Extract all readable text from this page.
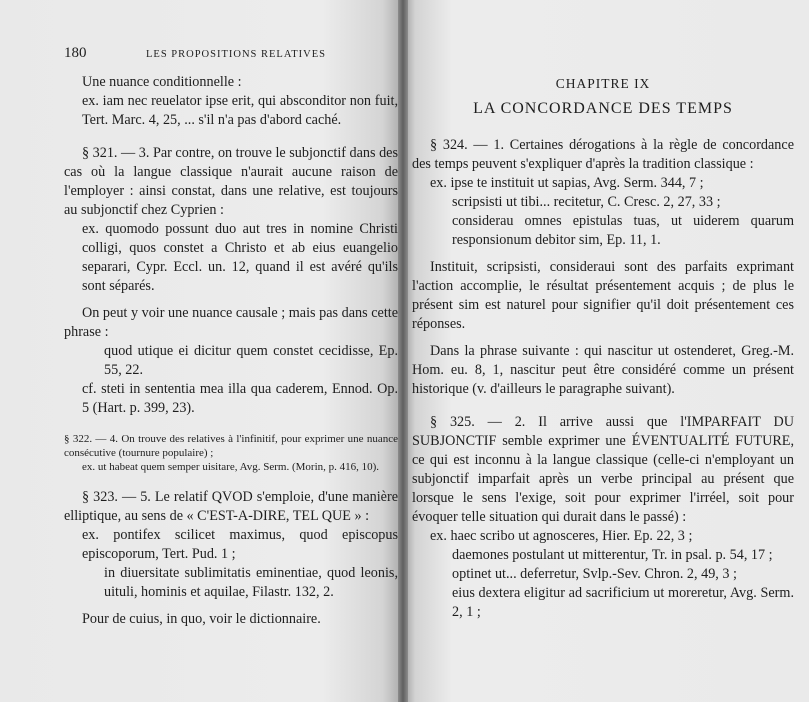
180	LES PROPOSITIONS RELATIVES

Une nuance conditionnelle :

ex. iam nec reuelator ipse erit, qui absconditor non fuit, Tert. Marc. 4, 25, ... s'il n'a pas d'abord caché.

§ 321. — 3. Par contre, on trouve le subjonctif dans des cas où la langue classique n'aurait aucune raison de l'employer : ainsi constat, dans une relative, est toujours au subjonctif chez Cyprien :

ex. quomodo possunt duo aut tres in nomine Christi colligi, quos constet a Christo et ab eius euangelio separari, Cypr. Eccl. un. 12, quand il est avéré qu'ils sont séparés.

On peut y voir une nuance causale ; mais pas dans cette phrase :

quod utique ei dicitur quem constet cecidisse, Ep. 55, 22.

cf. steti in sententia mea illa qua caderem, Ennod. Op. 5 (Hart. p. 399, 23).

§ 322. — 4. On trouve des relatives à l'infinitif, pour exprimer une nuance consécutive (tournure populaire) ;

ex. ut habeat quem semper uisitare, Avg. Serm. (Morin, p. 416, 10).

§ 323. — 5. Le relatif QVOD s'emploie, d'une manière elliptique, au sens de « C'EST-A-DIRE, TEL QUE » :

ex. pontifex scilicet maximus, quod episcopus episcoporum, Tert. Pud. 1 ;

in diuersitate sublimitatis eminentiae, quod leonis, uituli, hominis et aquilae, Filastr. 132, 2.

Pour de cuius, in quo, voir le dictionnaire.

CHAPITRE IX
LA CONCORDANCE DES TEMPS

§ 324. — 1. Certaines dérogations à la règle de concordance des temps peuvent s'expliquer d'après la tradition classique :

ex. ipse te instituit ut sapias, Avg. Serm. 344, 7 ;

scripsisti ut tibi... recitetur, C. Cresc. 2, 27, 33 ;

considerau omnes epistulas tuas, ut uiderem quarum responsionum debitor sim, Ep. 11, 1.

Instituit, scripsisti, consideraui sont des parfaits exprimant l'action accomplie, le résultat présentement acquis ; de plus le présent sim est naturel pour signifier qu'il doit présentement ces réponses.

Dans la phrase suivante : qui nascitur ut ostenderet, Greg.-M. Hom. eu. 8, 1, nascitur peut être considéré comme un présent historique (v. d'ailleurs le paragraphe suivant).

§ 325. — 2. Il arrive aussi que l'IMPARFAIT DU SUBJONCTIF semble exprimer une ÉVENTUALITÉ FUTURE, ce qui est inconnu à la langue classique (celle-ci n'employant un subjonctif imparfait après un verbe principal au présent que lorsque le sens l'exige, soit pour exprimer l'irréel, soit pour évoquer telle situation qui durait dans le passé) :

ex. haec scribo ut agnosceres, Hier. Ep. 22, 3 ;

daemones postulant ut mitterentur, Tr. in psal. p. 54, 17 ;

optinet ut... deferretur, Svlp.-Sev. Chron. 2, 49, 3 ;

eius dextera eligitur ad sacrificium ut moreretur, Avg. Serm. 2, 1 ;
